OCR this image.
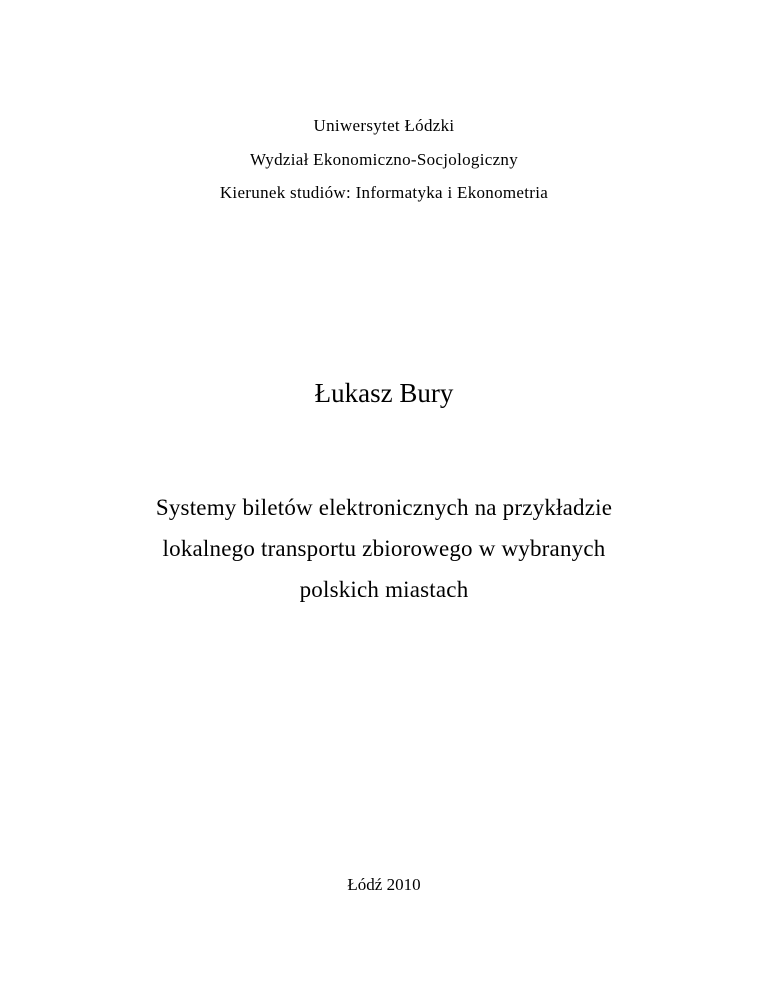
Uniwersytet Łódzki
Wydział Ekonomiczno-Socjologiczny
Kierunek studiów: Informatyka i Ekonometria
Łukasz Bury
Systemy biletów elektronicznych na przykładzie
lokalnego transportu zbiorowego w wybranych
polskich miastach
Łódź 2010
